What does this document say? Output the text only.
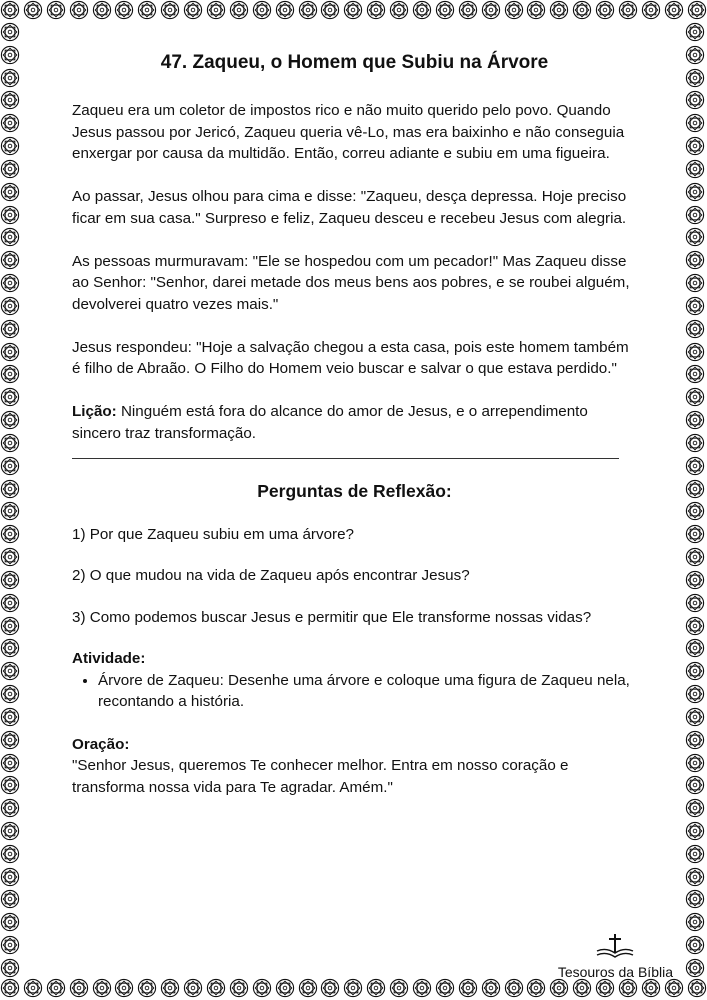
47. Zaqueu, o Homem que Subiu na Árvore

Zaqueu era um coletor de impostos rico e não muito querido pelo povo. Quando Jesus passou por Jericó, Zaqueu queria vê-Lo, mas era baixinho e não conseguia enxergar por causa da multidão. Então, correu adiante e subiu em uma figueira.

Ao passar, Jesus olhou para cima e disse: "Zaqueu, desça depressa. Hoje preciso ficar em sua casa." Surpreso e feliz, Zaqueu desceu e recebeu Jesus com alegria.

As pessoas murmuravam: "Ele se hospedou com um pecador!" Mas Zaqueu disse ao Senhor: "Senhor, darei metade dos meus bens aos pobres, e se roubei alguém, devolverei quatro vezes mais."

Jesus respondeu: "Hoje a salvação chegou a esta casa, pois este homem também é filho de Abraão. O Filho do Homem veio buscar e salvar o que estava perdido."

Lição: Ninguém está fora do alcance do amor de Jesus, e o arrependimento sincero traz transformação.

Perguntas de Reflexão:
1) Por que Zaqueu subiu em uma árvore?
2) O que mudou na vida de Zaqueu após encontrar Jesus?
3) Como podemos buscar Jesus e permitir que Ele transforme nossas vidas?
Atividade:
• Árvore de Zaqueu: Desenhe uma árvore e coloque uma figura de Zaqueu nela, recontando a história.
Oração:

"Senhor Jesus, queremos Te conhecer melhor. Entra em nosso coração e transforma nossa vida para Te agradar. Amém."

Tesouros da Bíblia
